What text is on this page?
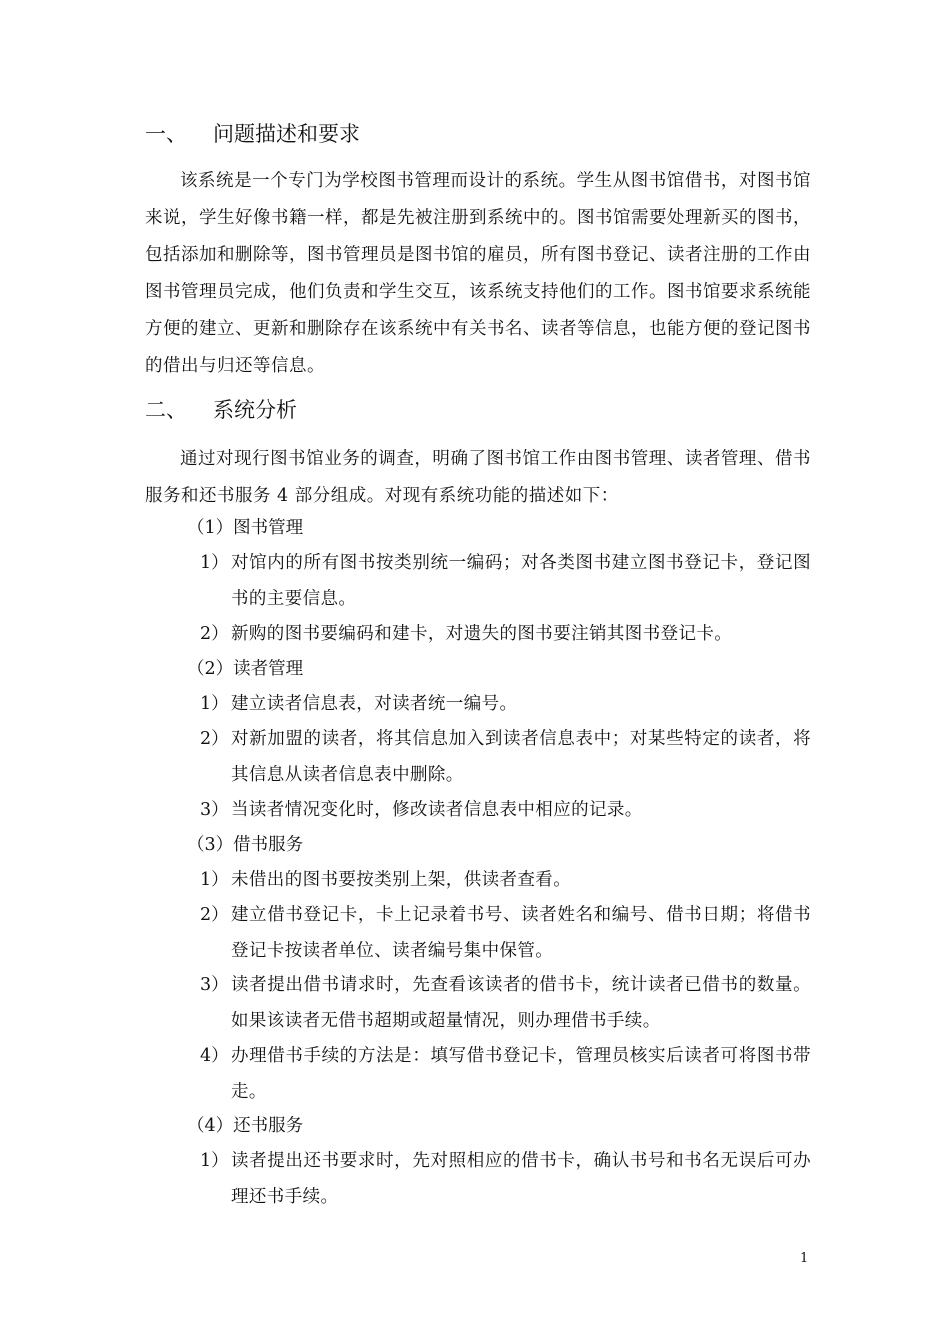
一、 问题描述和要求
该系统是一个专门为学校图书管理而设计的系统。学生从图书馆借书，对图书馆来说，学生好像书籍一样，都是先被注册到系统中的。图书馆需要处理新买的图书，包括添加和删除等，图书管理员是图书馆的雇员，所有图书登记、读者注册的工作由图书管理员完成，他们负责和学生交互，该系统支持他们的工作。图书馆要求系统能方便的建立、更新和删除存在该系统中有关书名、读者等信息，也能方便的登记图书的借出与归还等信息。
二、 系统分析
通过对现行图书馆业务的调查，明确了图书馆工作由图书管理、读者管理、借书服务和还书服务 4 部分组成。对现有系统功能的描述如下：
（1）图书管理
1） 对馆内的所有图书按类别统一编码；对各类图书建立图书登记卡，登记图书的主要信息。
2） 新购的图书要编码和建卡，对遗失的图书要注销其图书登记卡。
（2）读者管理
1） 建立读者信息表，对读者统一编号。
2） 对新加盟的读者，将其信息加入到读者信息表中；对某些特定的读者，将其信息从读者信息表中删除。
3） 当读者情况变化时，修改读者信息表中相应的记录。
（3）借书服务
1） 未借出的图书要按类别上架，供读者查看。
2） 建立借书登记卡，卡上记录着书号、读者姓名和编号、借书日期；将借书登记卡按读者单位、读者编号集中保管。
3） 读者提出借书请求时，先查看该读者的借书卡，统计读者已借书的数量。如果该读者无借书超期或超量情况，则办理借书手续。
4） 办理借书手续的方法是：填写借书登记卡，管理员核实后读者可将图书带走。
（4）还书服务
1） 读者提出还书要求时，先对照相应的借书卡，确认书号和书名无误后可办理还书手续。
1
